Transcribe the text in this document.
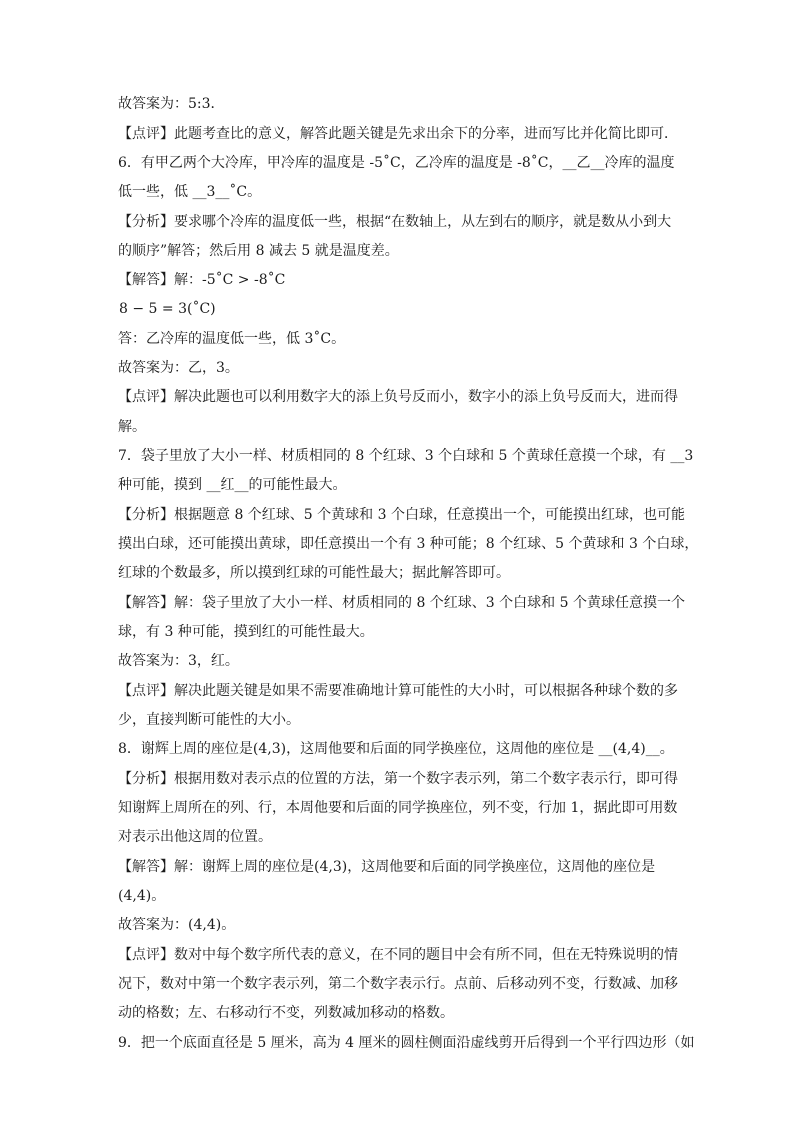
故答案为：5:3．
【点评】此题考查比的意义，解答此题关键是先求出余下的分率，进而写比并化简比即可．
6．有甲乙两个大冷库，甲冷库的温度是 -5˚C，乙冷库的温度是 -8˚C，__乙__冷库的温度
低一些，低 __3__˚C。
【分析】要求哪个冷库的温度低一些，根据“在数轴上，从左到右的顺序，就是数从小到大
的顺序”解答；然后用 8 减去 5 就是温度差。
【解答】解：-5˚C > -8˚C
8 − 5 = 3(˚C)
答：乙冷库的温度低一些，低 3˚C。
故答案为：乙，3。
【点评】解决此题也可以利用数字大的添上负号反而小，数字小的添上负号反而大，进而得
解。
7．袋子里放了大小一样、材质相同的 8 个红球、3 个白球和 5 个黄球任意摸一个球，有 __3
种可能，摸到 __红__的可能性最大。
【分析】根据题意 8 个红球、5 个黄球和 3 个白球，任意摸出一个，可能摸出红球，也可能
摸出白球，还可能摸出黄球，即任意摸出一个有 3 种可能；8 个红球、5 个黄球和 3 个白球，
红球的个数最多，所以摸到红球的可能性最大；据此解答即可。
【解答】解：袋子里放了大小一样、材质相同的 8 个红球、3 个白球和 5 个黄球任意摸一个
球，有 3 种可能，摸到红的可能性最大。
故答案为：3，红。
【点评】解决此题关键是如果不需要准确地计算可能性的大小时，可以根据各种球个数的多
少，直接判断可能性的大小。
8．谢辉上周的座位是(4,3)，这周他要和后面的同学换座位，这周他的座位是 __(4,4)__。
【分析】根据用数对表示点的位置的方法，第一个数字表示列，第二个数字表示行，即可得
知谢辉上周所在的列、行，本周他要和后面的同学换座位，列不变，行加 1，据此即可用数
对表示出他这周的位置。
【解答】解：谢辉上周的座位是(4,3)，这周他要和后面的同学换座位，这周他的座位是
(4,4)。
故答案为：(4,4)。
【点评】数对中每个数字所代表的意义，在不同的题目中会有所不同，但在无特殊说明的情
况下，数对中第一个数字表示列，第二个数字表示行。点前、后移动列不变，行数减、加移
动的格数；左、右移动行不变，列数减加移动的格数。
9．把一个底面直径是 5 厘米，高为 4 厘米的圆柱侧面沿虚线剪开后得到一个平行四边形（如
